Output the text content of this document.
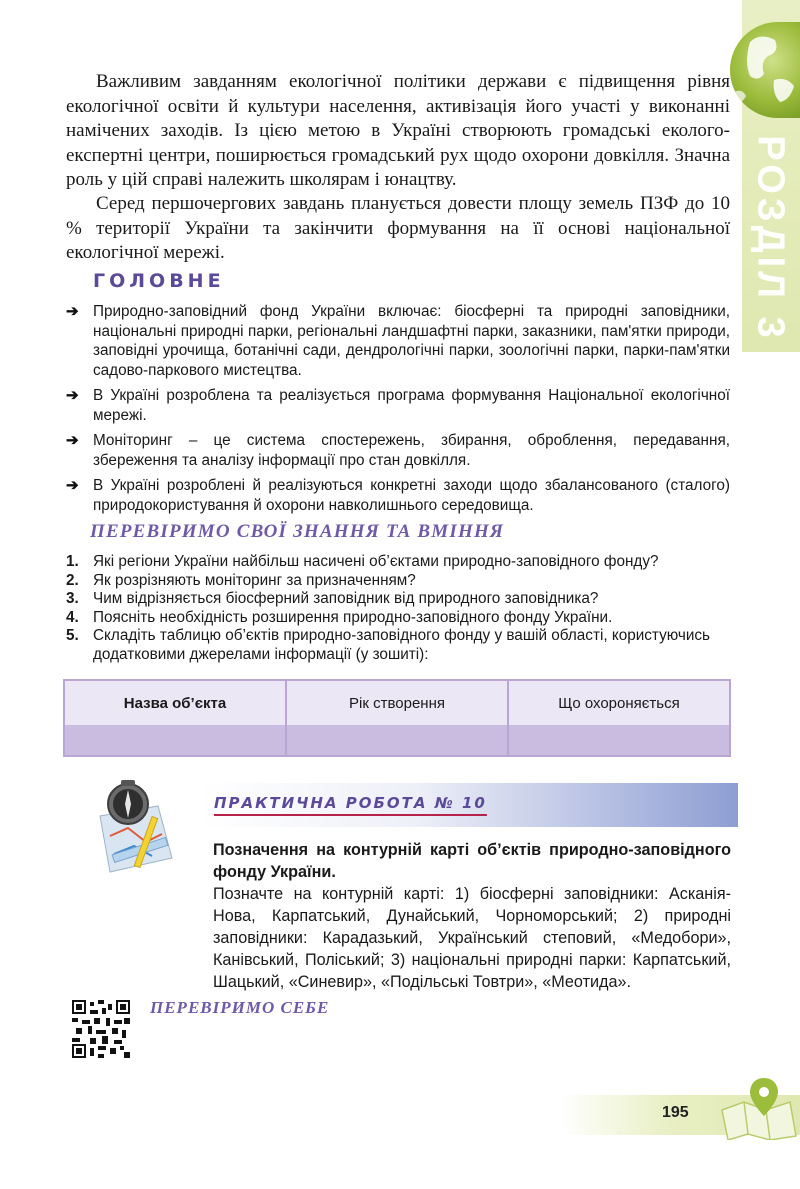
РОЗДІЛ 3

Важливим завданням екологічної політики держави є підвищення рівня екологічної освіти й культури населення, активізація його участі у виконанні намічених заходів. Із цією метою в Україні створюють громадські еколого-експертні центри, поширюється громадський рух щодо охорони довкілля. Значна роль у цій справі належить школярам і юнацтву.

Серед першочергових завдань планується довести площу земель ПЗФ до 10 % території України та закінчити формування на її основі національної екологічної мережі.

ГОЛОВНЕ
➔ Природно-заповідний фонд України включає: біосферні та природні заповідники, національні природні парки, регіональні ландшафтні парки, заказники, пам'ятки природи, заповідні урочища, ботанічні сади, дендрологічні парки, зоологічні парки, парки-пам'ятки садово-паркового мистецтва.
➔ В Україні розроблена та реалізується програма формування Національної екологічної мережі.
➔ Моніторинг – це система спостережень, збирання, оброблення, передавання, збереження та аналізу інформації про стан довкілля.
➔ В Україні розроблені й реалізуються конкретні заходи щодо збалансованого (сталого) природокористування й охорони навколишнього середовища.
ПЕРЕВІРИМО СВОЇ ЗНАННЯ ТА ВМІННЯ
1. Які регіони України найбільш насичені об’єктами природно-заповідного фонду?
2. Як розрізняють моніторинг за призначенням?
3. Чим відрізняється біосферний заповідник від природного заповідника?
4. Поясніть необхідність розширення природно-заповідного фонду України.
5. Складіть таблицю об’єктів природно-заповідного фонду у вашій області, користуючись додатковими джерелами інформації (у зошиті):
Назва об’єкта	Рік створення	Що охороняється
ПРАКТИЧНА РОБОТА № 10
Позначення на контурній карті об’єктів природно-заповідного фонду України.
Позначте на контурній карті: 1) біосферні заповідники: Асканія-Нова, Карпатський, Дунайський, Чорноморський; 2) природні заповідники: Карадазький, Український степовий, «Медобори», Канівський, Поліський; 3) національні природні парки: Карпатський, Шацький, «Синевир», «Подільські Товтри», «Меотида».
ПЕРЕВІРИМО СЕБЕ
195
